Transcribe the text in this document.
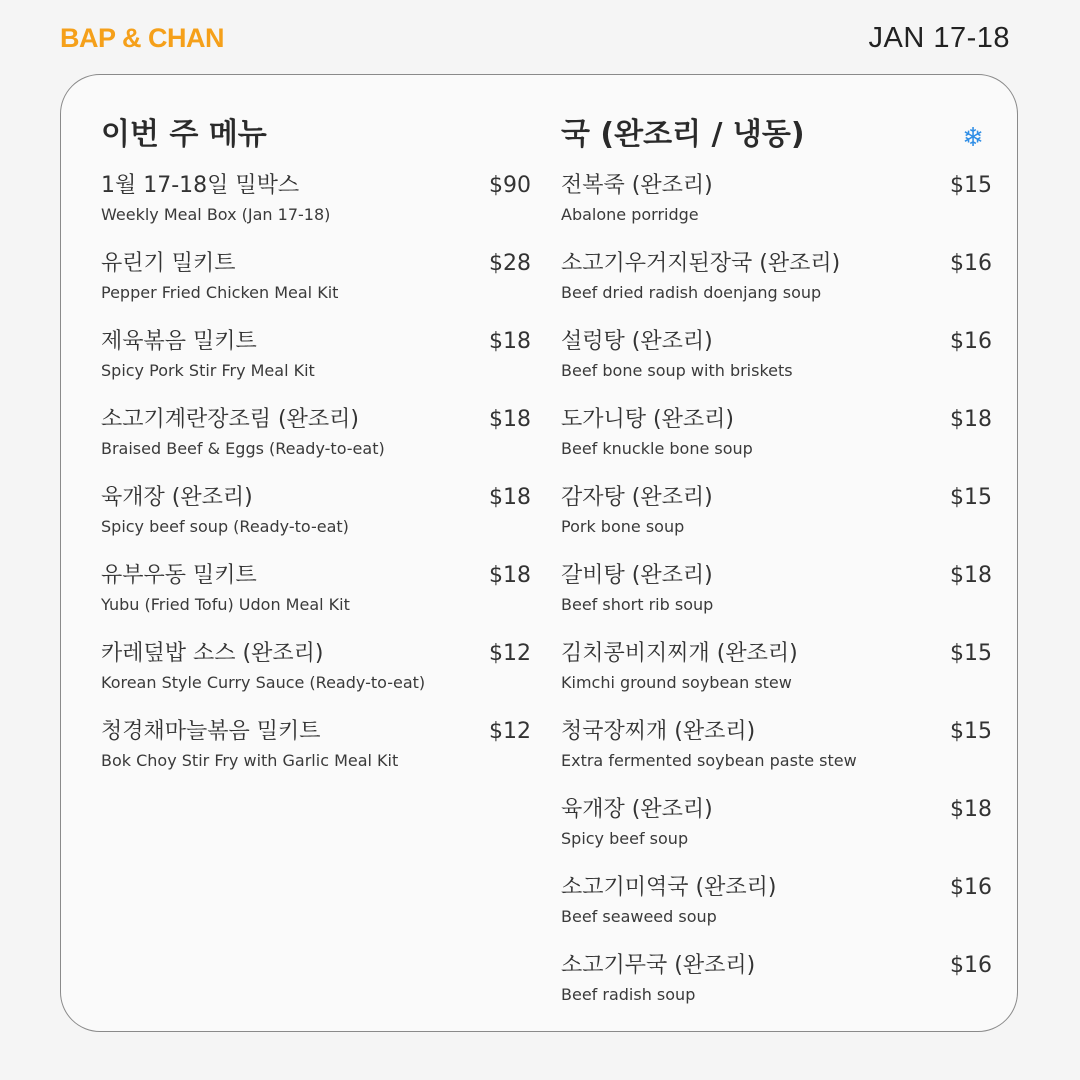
BAP & CHAN	JAN 17-18
이번 주 메뉴
1월 17-18일 밀박스
Weekly Meal Box (Jan 17-18)
$90
유린기 밀키트
Pepper Fried Chicken Meal Kit
$28
제육볶음 밀키트
Spicy Pork Stir Fry Meal Kit
$18
소고기계란장조림 (완조리)
Braised Beef & Eggs (Ready-to-eat)
$18
육개장 (완조리)
Spicy beef soup (Ready-to-eat)
$18
유부우동 밀키트
Yubu (Fried Tofu) Udon Meal Kit
$18
카레덮밥 소스 (완조리)
Korean Style Curry Sauce (Ready-to-eat)
$12
청경채마늘볶음 밀키트
Bok Choy Stir Fry with Garlic Meal Kit
$12
국 (완조리 / 냉동)	❄
전복죽 (완조리)
Abalone porridge
$15
소고기우거지된장국 (완조리)
Beef dried radish doenjang soup
$16
설렁탕 (완조리)
Beef bone soup with briskets
$16
도가니탕 (완조리)
Beef knuckle bone soup
$18
감자탕 (완조리)
Pork bone soup
$15
갈비탕 (완조리)
Beef short rib soup
$18
김치콩비지찌개 (완조리)
Kimchi ground soybean stew
$15
청국장찌개 (완조리)
Extra fermented soybean paste stew
$15
육개장 (완조리)
Spicy beef soup
$18
소고기미역국 (완조리)
Beef seaweed soup
$16
소고기무국 (완조리)
Beef radish soup
$16
